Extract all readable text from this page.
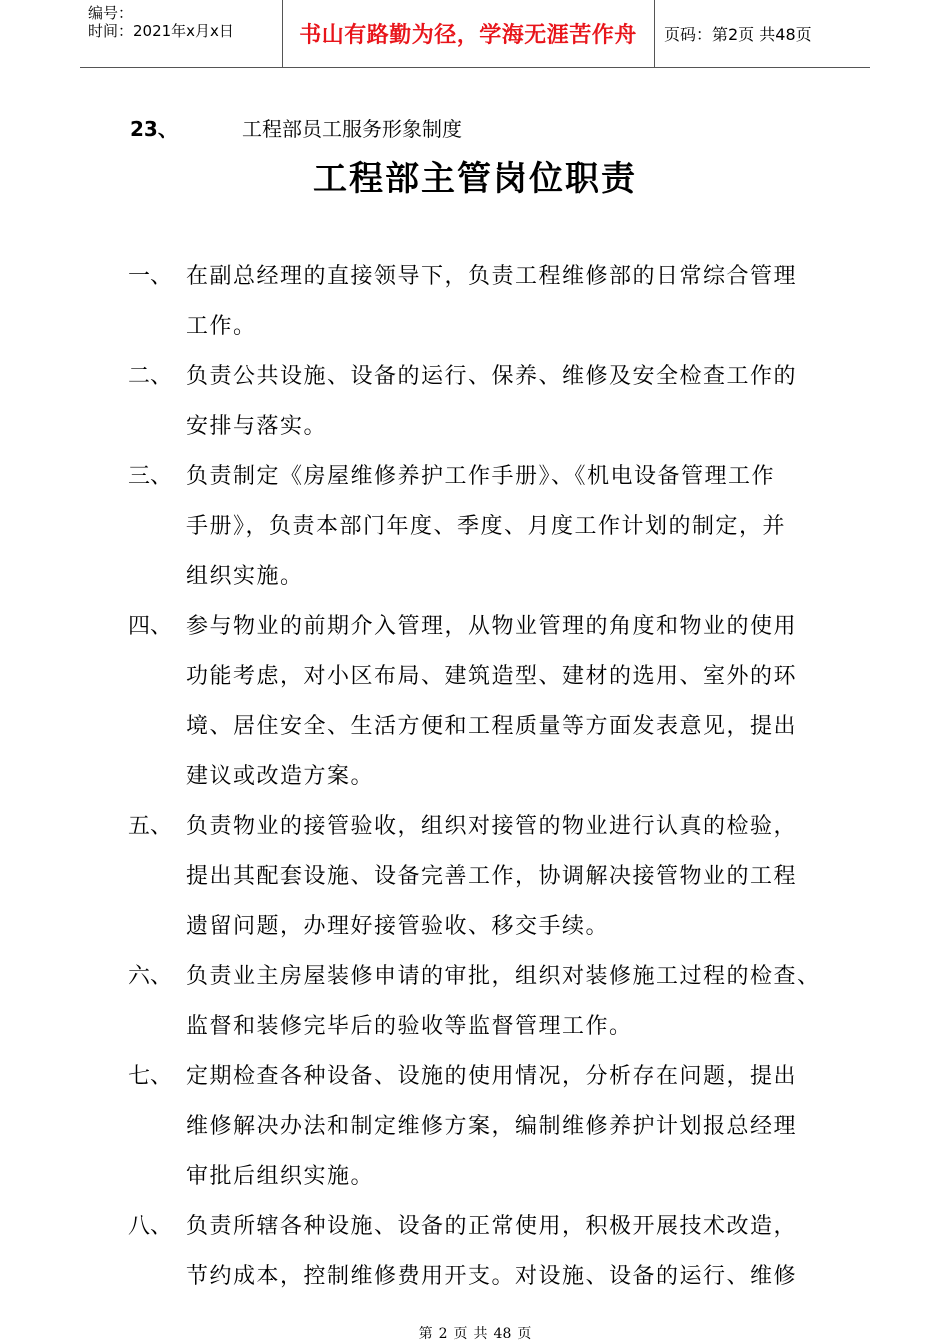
编号：
时间：2021年x月x日	书山有路勤为径，学海无涯苦作舟	页码：第2页 共48页
23、	工程部员工服务形象制度
工程部主管岗位职责
一、 在副总经理的直接领导下，负责工程维修部的日常综合管理
工作。
二、 负责公共设施、设备的运行、保养、维修及安全检查工作的
安排与落实。
三、 负责制定《房屋维修养护工作手册》、《机电设备管理工作
手册》，负责本部门年度、季度、月度工作计划的制定，并
组织实施。
四、 参与物业的前期介入管理，从物业管理的角度和物业的使用
功能考虑，对小区布局、建筑造型、建材的选用、室外的环
境、居住安全、生活方便和工程质量等方面发表意见，提出
建议或改造方案。
五、 负责物业的接管验收，组织对接管的物业进行认真的检验，
提出其配套设施、设备完善工作，协调解决接管物业的工程
遗留问题，办理好接管验收、移交手续。
六、 负责业主房屋装修申请的审批，组织对装修施工过程的检查、
监督和装修完毕后的验收等监督管理工作。
七、 定期检查各种设备、设施的使用情况，分析存在问题，提出
维修解决办法和制定维修方案，编制维修养护计划报总经理
审批后组织实施。
八、 负责所辖各种设施、设备的正常使用，积极开展技术改造，
节约成本，控制维修费用开支。对设施、设备的运行、维修
第 2 页 共 48 页
